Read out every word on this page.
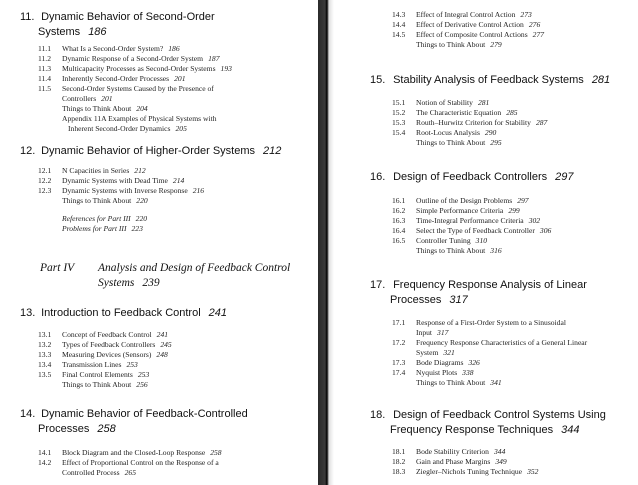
11. Dynamic Behavior of Second-Order
Systems 186
11.1 What Is a Second-Order System? 186
11.2 Dynamic Response of a Second-Order System 187
11.3 Multicapacity Processes as Second-Order Systems 193
11.4 Inherently Second-Order Processes 201
11.5 Second-Order Systems Caused by the Presence of
Controllers 201
Things to Think About 204
Appendix 11A Examples of Physical Systems with
Inherent Second-Order Dynamics 205
12. Dynamic Behavior of Higher-Order Systems 212
12.1 N Capacities in Series 212
12.2 Dynamic Systems with Dead Time 214
12.3 Dynamic Systems with Inverse Response 216
Things to Think About 220
References for Part III 220
Problems for Part III 223
Part IV Analysis and Design of Feedback Control
Systems 239
13. Introduction to Feedback Control 241
13.1 Concept of Feedback Control 241
13.2 Types of Feedback Controllers 245
13.3 Measuring Devices (Sensors) 248
13.4 Transmission Lines 253
13.5 Final Control Elements 253
Things to Think About 256
14. Dynamic Behavior of Feedback-Controlled
Processes 258
14.1 Block Diagram and the Closed-Loop Response 258
14.2 Effect of Proportional Control on the Response of a
Controlled Process 265
14.3 Effect of Integral Control Action 273
14.4 Effect of Derivative Control Action 276
14.5 Effect of Composite Control Actions 277
Things to Think About 279
15. Stability Analysis of Feedback Systems 281
15.1 Notion of Stability 281
15.2 The Characteristic Equation 285
15.3 Routh–Hurwitz Criterion for Stability 287
15.4 Root-Locus Analysis 290
Things to Think About 295
16. Design of Feedback Controllers 297
16.1 Outline of the Design Problems 297
16.2 Simple Performance Criteria 299
16.3 Time-Integral Performance Criteria 302
16.4 Select the Type of Feedback Controller 306
16.5 Controller Tuning 310
Things to Think About 316
17. Frequency Response Analysis of Linear
Processes 317
17.1 Response of a First-Order System to a Sinusoidal
Input 317
17.2 Frequency Response Characteristics of a General Linear
System 321
17.3 Bode Diagrams 326
17.4 Nyquist Plots 338
Things to Think About 341
18. Design of Feedback Control Systems Using
Frequency Response Techniques 344
18.1 Bode Stability Criterion 344
18.2 Gain and Phase Margins 349
18.3 Ziegler–Nichols Tuning Technique 352
